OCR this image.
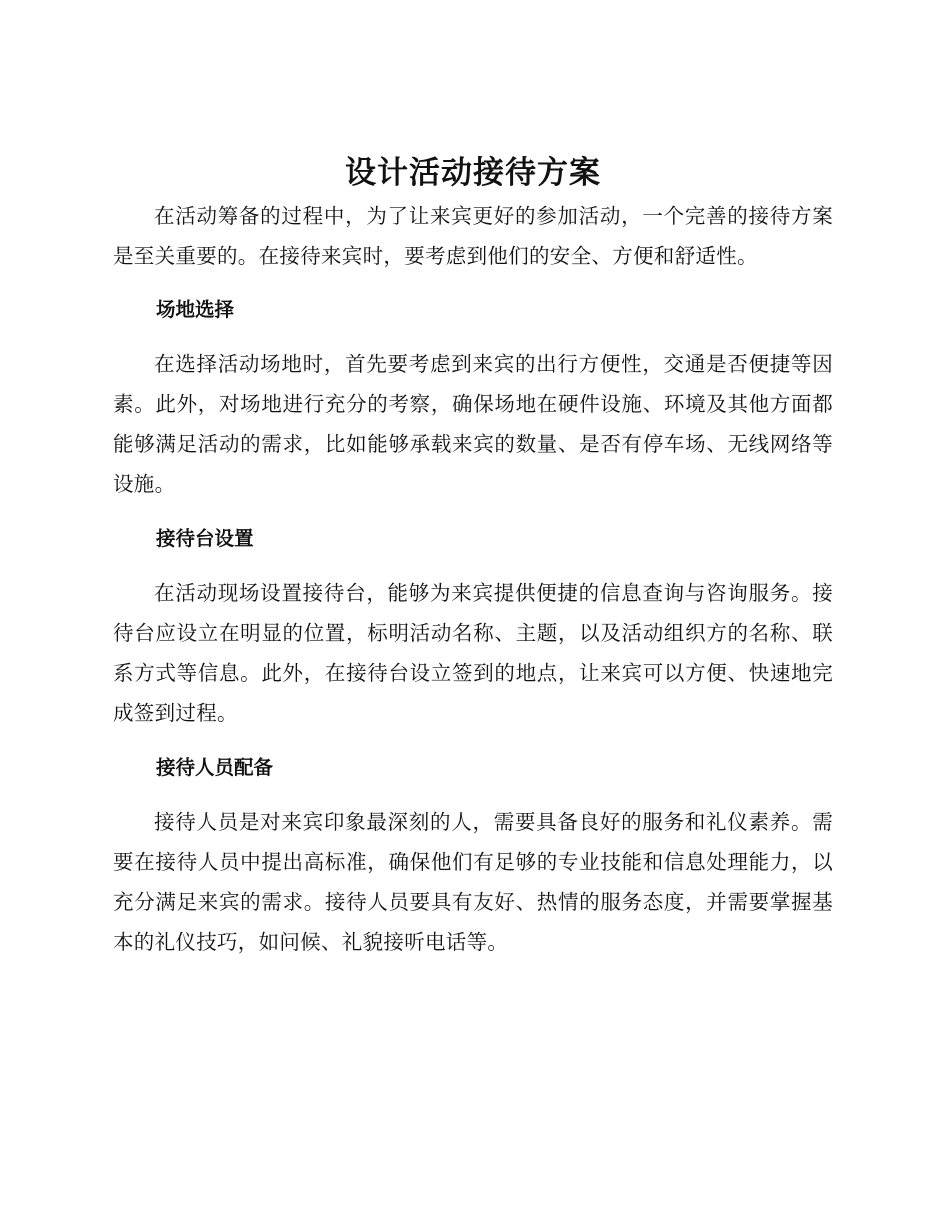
设计活动接待方案

在活动筹备的过程中，为了让来宾更好的参加活动，一个完善的接待方案是至关重要的。在接待来宾时，要考虑到他们的安全、方便和舒适性。

场地选择

在选择活动场地时，首先要考虑到来宾的出行方便性，交通是否便捷等因素。此外，对场地进行充分的考察，确保场地在硬件设施、环境及其他方面都能够满足活动的需求，比如能够承载来宾的数量、是否有停车场、无线网络等设施。

接待台设置

在活动现场设置接待台，能够为来宾提供便捷的信息查询与咨询服务。接待台应设立在明显的位置，标明活动名称、主题，以及活动组织方的名称、联系方式等信息。此外，在接待台设立签到的地点，让来宾可以方便、快速地完成签到过程。

接待人员配备

接待人员是对来宾印象最深刻的人，需要具备良好的服务和礼仪素养。需要在接待人员中提出高标准，确保他们有足够的专业技能和信息处理能力，以充分满足来宾的需求。接待人员要具有友好、热情的服务态度，并需要掌握基本的礼仪技巧，如问候、礼貌接听电话等。
